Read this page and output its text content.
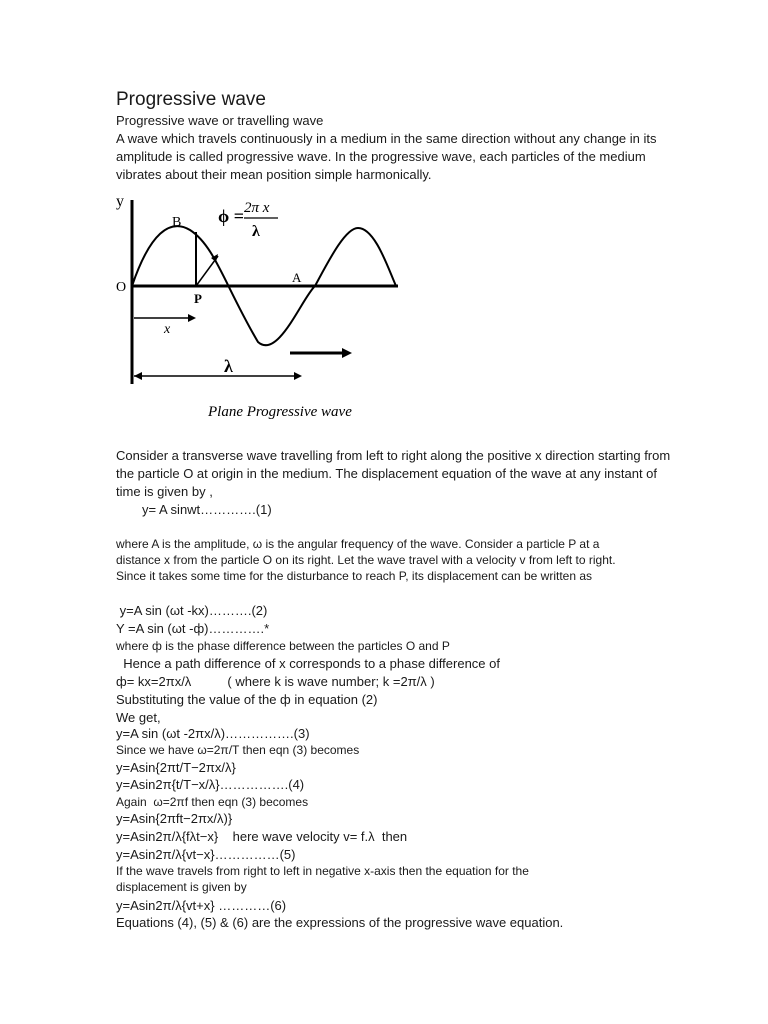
Progressive wave
Progressive wave or travelling wave
A wave which travels continuously in a medium in the same direction without any change in its amplitude is called progressive wave. In the progressive wave, each particles of the medium vibrates about their mean position simple harmonically.
y
O
B
P
A
x
λ
ϕ = 2π x
λ
Plane Progressive wave
Consider a transverse wave travelling from left to right along the positive x direction starting from the particle O at origin in the medium. The displacement equation of the wave at any instant of time is given by ,
y= A sinwt………….(1)
where A is the amplitude, ω is the angular frequency of the wave. Consider a particle P at a distance x from the particle O on its right. Let the wave travel with a velocity v from left to right. Since it takes some time for the disturbance to reach P, its displacement can be written as
y=A sin (ωt -kx)……….(2)
Y =A sin (ωt -ф)………….*
where ф is the phase difference between the particles O and P
Hence a path difference of x corresponds to a phase difference of
ф= kx=2πx/λ          ( where k is wave number; k =2π/λ )
Substituting the value of the ф in equation (2)
We get,
y=A sin (ωt -2πx/λ)…………….(3)
Since we have ω=2π/T then eqn (3) becomes
y=Asin{2πt/T−2πx/λ}
y=Asin2π{t/T−x/λ}…………….(4)
Again  ω=2πf then eqn (3) becomes
y=Asin{2πft−2πx/λ)}
y=Asin2π/λ{fλt−x}    here wave velocity v= f.λ  then
y=Asin2π/λ{vt−x}……………(5)
If the wave travels from right to left in negative x-axis then the equation for the displacement is given by
y=Asin2π/λ{vt+x} …………(6)
Equations (4), (5) & (6) are the expressions of the progressive wave equation.
